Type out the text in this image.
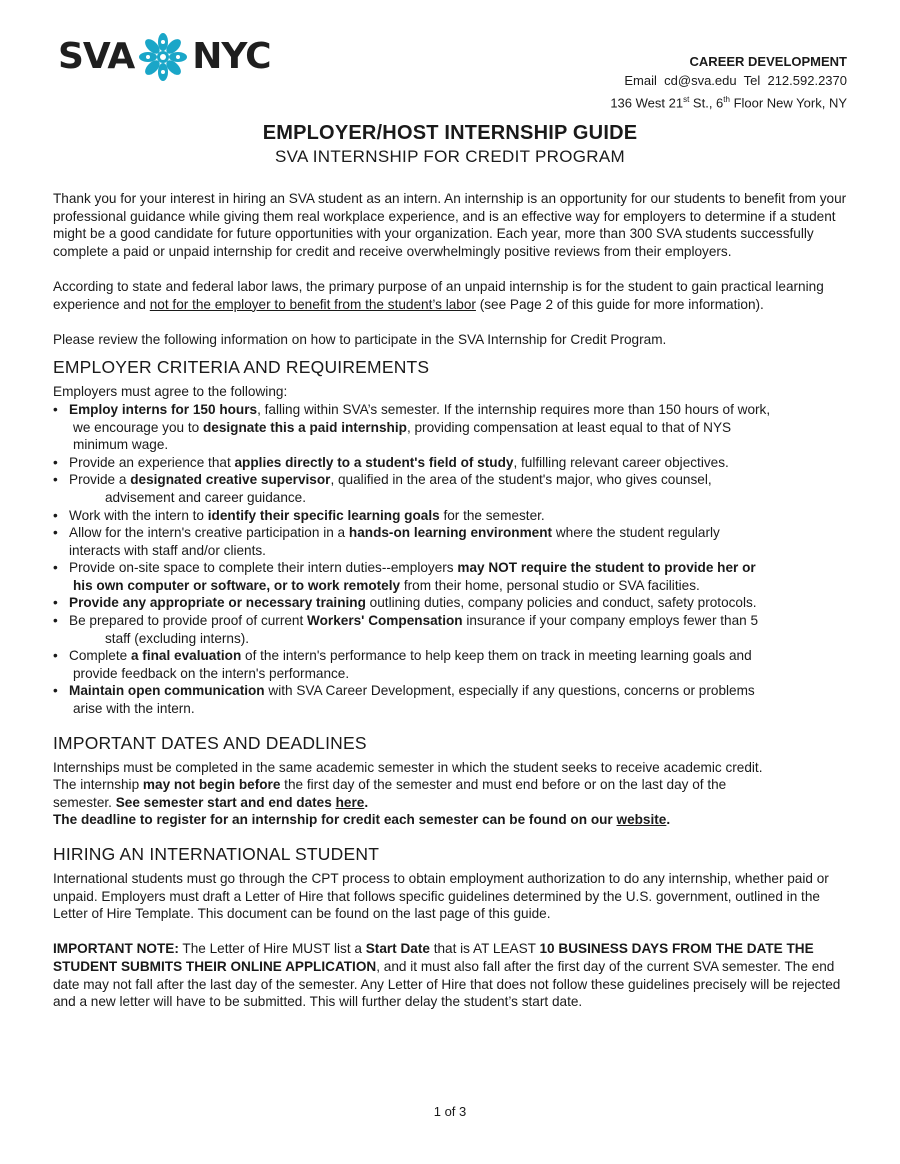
SVA NYC	CAREER DEVELOPMENT
Email cd@sva.edu Tel 212.592.2370
136 West 21st St., 6th Floor New York, NY
EMPLOYER/HOST INTERNSHIP GUIDE
SVA INTERNSHIP FOR CREDIT PROGRAM

Thank you for your interest in hiring an SVA student as an intern. An internship is an opportunity for our students to benefit from your professional guidance while giving them real workplace experience, and is an effective way for employers to determine if a student might be a good candidate for future opportunities with your organization. Each year, more than 300 SVA students successfully complete a paid or unpaid internship for credit and receive overwhelmingly positive reviews from their employers.

According to state and federal labor laws, the primary purpose of an unpaid internship is for the student to gain practical learning experience and not for the employer to benefit from the student’s labor (see Page 2 of this guide for more information).

Please review the following information on how to participate in the SVA Internship for Credit Program.

EMPLOYER CRITERIA AND REQUIREMENTS

Employers must agree to the following:

• Employ interns for 150 hours, falling within SVA’s semester. If the internship requires more than 150 hours of work,
we encourage you to designate this a paid internship, providing compensation at least equal to that of NYS
minimum wage.
• Provide an experience that applies directly to a student's field of study, fulfilling relevant career objectives.
• Provide a designated creative supervisor, qualified in the area of the student's major, who gives counsel,
advisement and career guidance.
• Work with the intern to identify their specific learning goals for the semester.
• Allow for the intern's creative participation in a hands-on learning environment where the student regularly
interacts with staff and/or clients.
• Provide on-site space to complete their intern duties--employers may NOT require the student to provide her or
his own computer or software, or to work remotely from their home, personal studio or SVA facilities.
• Provide any appropriate or necessary training outlining duties, company policies and conduct, safety protocols.
• Be prepared to provide proof of current Workers' Compensation insurance if your company employs fewer than 5
staff (excluding interns).
• Complete a final evaluation of the intern's performance to help keep them on track in meeting learning goals and
provide feedback on the intern's performance.
• Maintain open communication with SVA Career Development, especially if any questions, concerns or problems
arise with the intern.
IMPORTANT DATES AND DEADLINES

Internships must be completed in the same academic semester in which the student seeks to receive academic credit.

The internship may not begin before the first day of the semester and must end before or on the last day of the

semester. See semester start and end dates here.

The deadline to register for an internship for credit each semester can be found on our website.

HIRING AN INTERNATIONAL STUDENT

International students must go through the CPT process to obtain employment authorization to do any internship, whether paid or unpaid. Employers must draft a Letter of Hire that follows specific guidelines determined by the U.S. government, outlined in the Letter of Hire Template. This document can be found on the last page of this guide.

IMPORTANT NOTE: The Letter of Hire MUST list a Start Date that is AT LEAST 10 BUSINESS DAYS FROM THE DATE THE STUDENT SUBMITS THEIR ONLINE APPLICATION, and it must also fall after the first day of the current SVA semester. The end date may not fall after the last day of the semester. Any Letter of Hire that does not follow these guidelines precisely will be rejected and a new letter will have to be submitted. This will further delay the student’s start date.

1 of 3
